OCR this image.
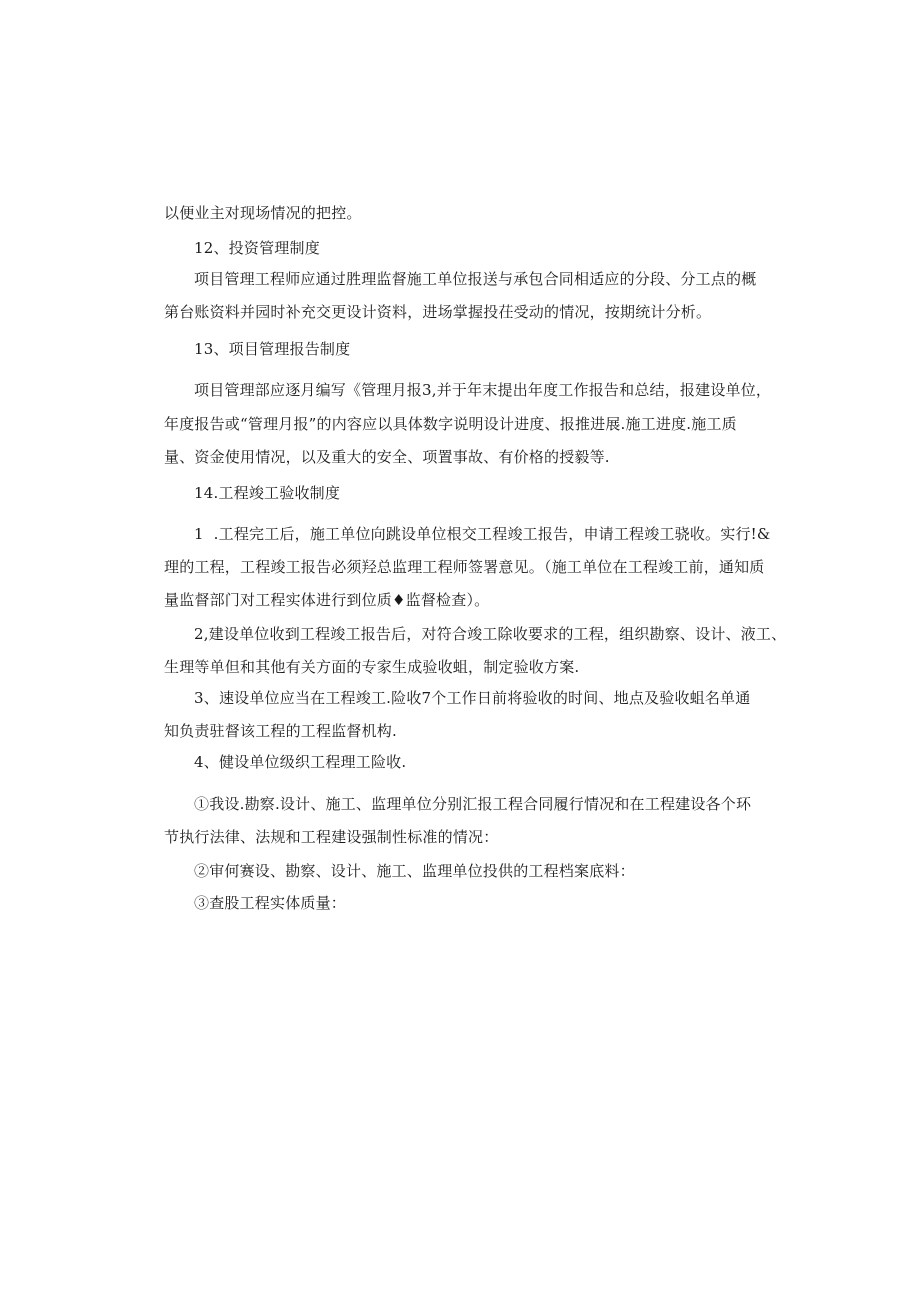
以便业主对现场情况的把控。
12、投资管理制度
项目管理工程师应通过胜理监督施工单位报送与承包合同相适应的分段、分工点的概
第台账资料并园时补充交更设计资料，进场掌握投茌受动的情况，按期统计分析。
13、项目管理报告制度
项目管理部应逐月编写《管理月报3,并于年末提出年度工作报告和总结，报建设单位，
年度报告或“管理月报”的内容应以具体数字说明设计进度、报推进展.施工进度.施工质
量、资金使用情况，以及重大的安全、项置事故、有价格的授毅等.
14.工程竣工验收制度
1  .工程完工后，施工单位向跳设单位根交工程竣工报告，申请工程竣工骁收。实行!&
理的工程，工程竣工报告必须羟总监理工程师签署意见。（施工单位在工程竣工前，通知质
量监督部门对工程实体进行到位质♦监督检查）。
2,建设单位收到工程竣工报告后，对符合竣工除收要求的工程，组织勘察、设计、液工、
生理等单但和其他有关方面的专家生成验收蛆，制定验收方案.
3、速设单位应当在工程竣工.险收7个工作日前将验收的时间、地点及验收蛆名单通
知负责驻督该工程的工程监督机构.
4、健设单位级织工程理工险收.
①我设.勘察.设计、施工、监理单位分别汇报工程合同履行情况和在工程建设各个环
节执行法律、法规和工程建设强制性标准的情况：
②审何赛设、勘察、设计、施工、监理单位投供的工程档案底料：
③查股工程实体质量：
